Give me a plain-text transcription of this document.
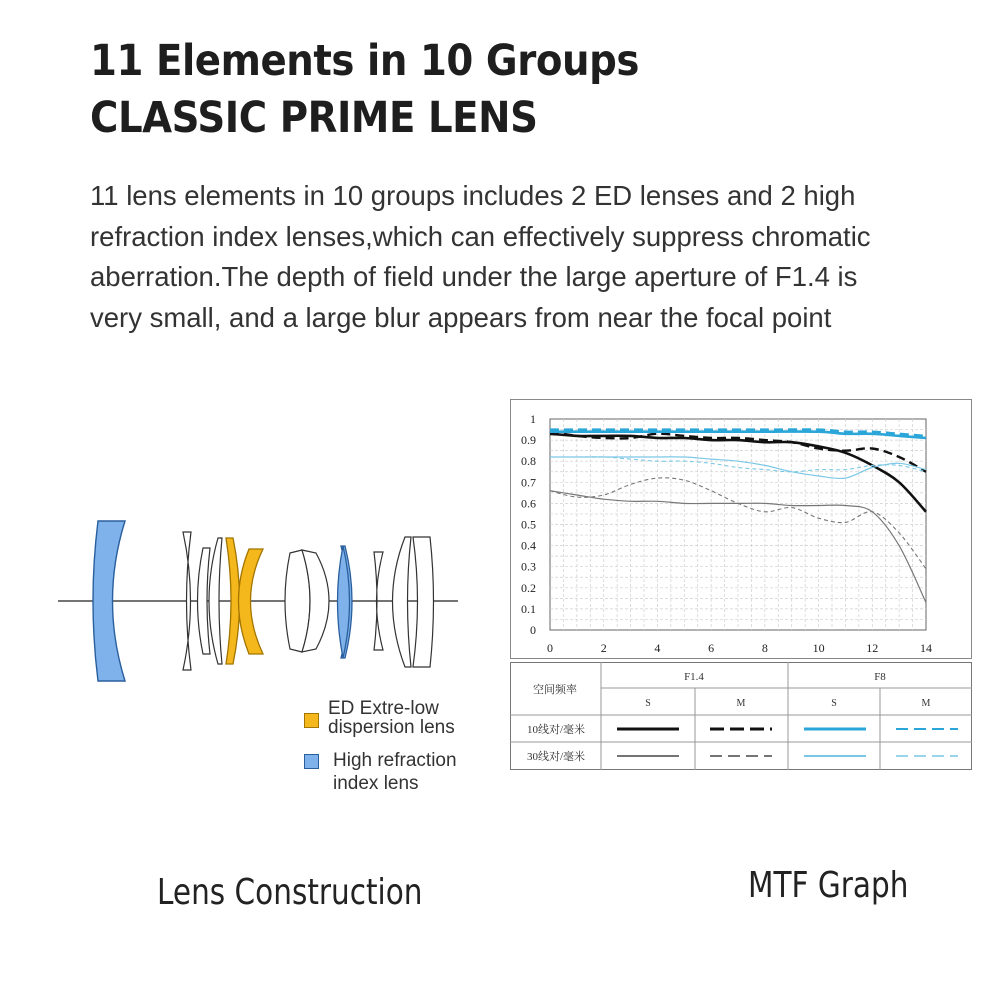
11 Elements in 10 Groups
CLASSIC PRIME LENS
11 lens elements in 10 groups includes 2 ED lenses and 2 high
refraction index lenses,which can effectively suppress chromatic
aberration.The depth of field under the large aperture of F1.4 is
very small, and a large blur appears from near the focal point
ED Extre-low
dispersion lens
High refraction
index lens
0
0.1
0.2
0.3
0.4
0.5
0.6
0.7
0.8
0.9
1
0	2	4	6	8	10	12	14
空间频率
F1.4	F8
S	M	S	M
10线对/毫米
30线对/毫米
Lens Construction	MTF Graph
